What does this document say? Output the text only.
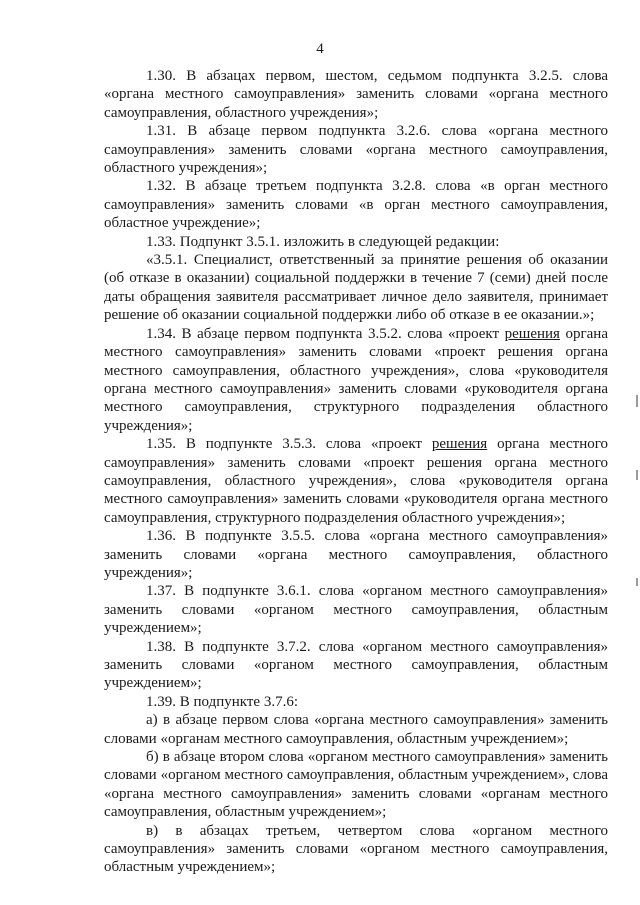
4

1.30. В абзацах первом, шестом, седьмом подпункта 3.2.5. слова «органа местного самоуправления» заменить словами «органа местного самоуправления, областного учреждения»;

1.31. В абзаце первом подпункта 3.2.6. слова «органа местного самоуправления» заменить словами «органа местного самоуправления, областного учреждения»;

1.32. В абзаце третьем подпункта 3.2.8. слова «в орган местного самоуправления» заменить словами «в орган местного самоуправления, областное учреждение»;

1.33. Подпункт 3.5.1. изложить в следующей редакции:

«3.5.1. Специалист, ответственный за принятие решения об оказании (об отказе в оказании) социальной поддержки в течение 7 (семи) дней после даты обращения заявителя рассматривает личное дело заявителя, принимает решение об оказании социальной поддержки либо об отказе в ее оказании.»;

1.34. В абзаце первом подпункта 3.5.2. слова «проект решения органа местного самоуправления» заменить словами «проект решения органа местного самоуправления, областного учреждения», слова «руководителя органа местного самоуправления» заменить словами «руководителя органа местного самоуправления, структурного подразделения областного учреждения»;

1.35. В подпункте 3.5.3. слова «проект решения органа местного самоуправления» заменить словами «проект решения органа местного самоуправления, областного учреждения», слова «руководителя органа местного самоуправления» заменить словами «руководителя органа местного самоуправления, структурного подразделения областного учреждения»;

1.36. В подпункте 3.5.5. слова «органа местного самоуправления» заменить словами «органа местного самоуправления, областного учреждения»;

1.37. В подпункте 3.6.1. слова «органом местного самоуправления» заменить словами «органом местного самоуправления, областным учреждением»;

1.38. В подпункте 3.7.2. слова «органом местного самоуправления» заменить словами «органом местного самоуправления, областным учреждением»;

1.39. В подпункте 3.7.6:

а) в абзаце первом слова «органа местного самоуправления» заменить словами «органам местного самоуправления, областным учреждением»;

б) в абзаце втором слова «органом местного самоуправления» заменить словами «органом местного самоуправления, областным учреждением», слова «органа местного самоуправления» заменить словами «органам местного самоуправления, областным учреждением»;

в) в абзацах третьем, четвертом слова «органом местного самоуправления» заменить словами «органом местного самоуправления, областным учреждением»;
